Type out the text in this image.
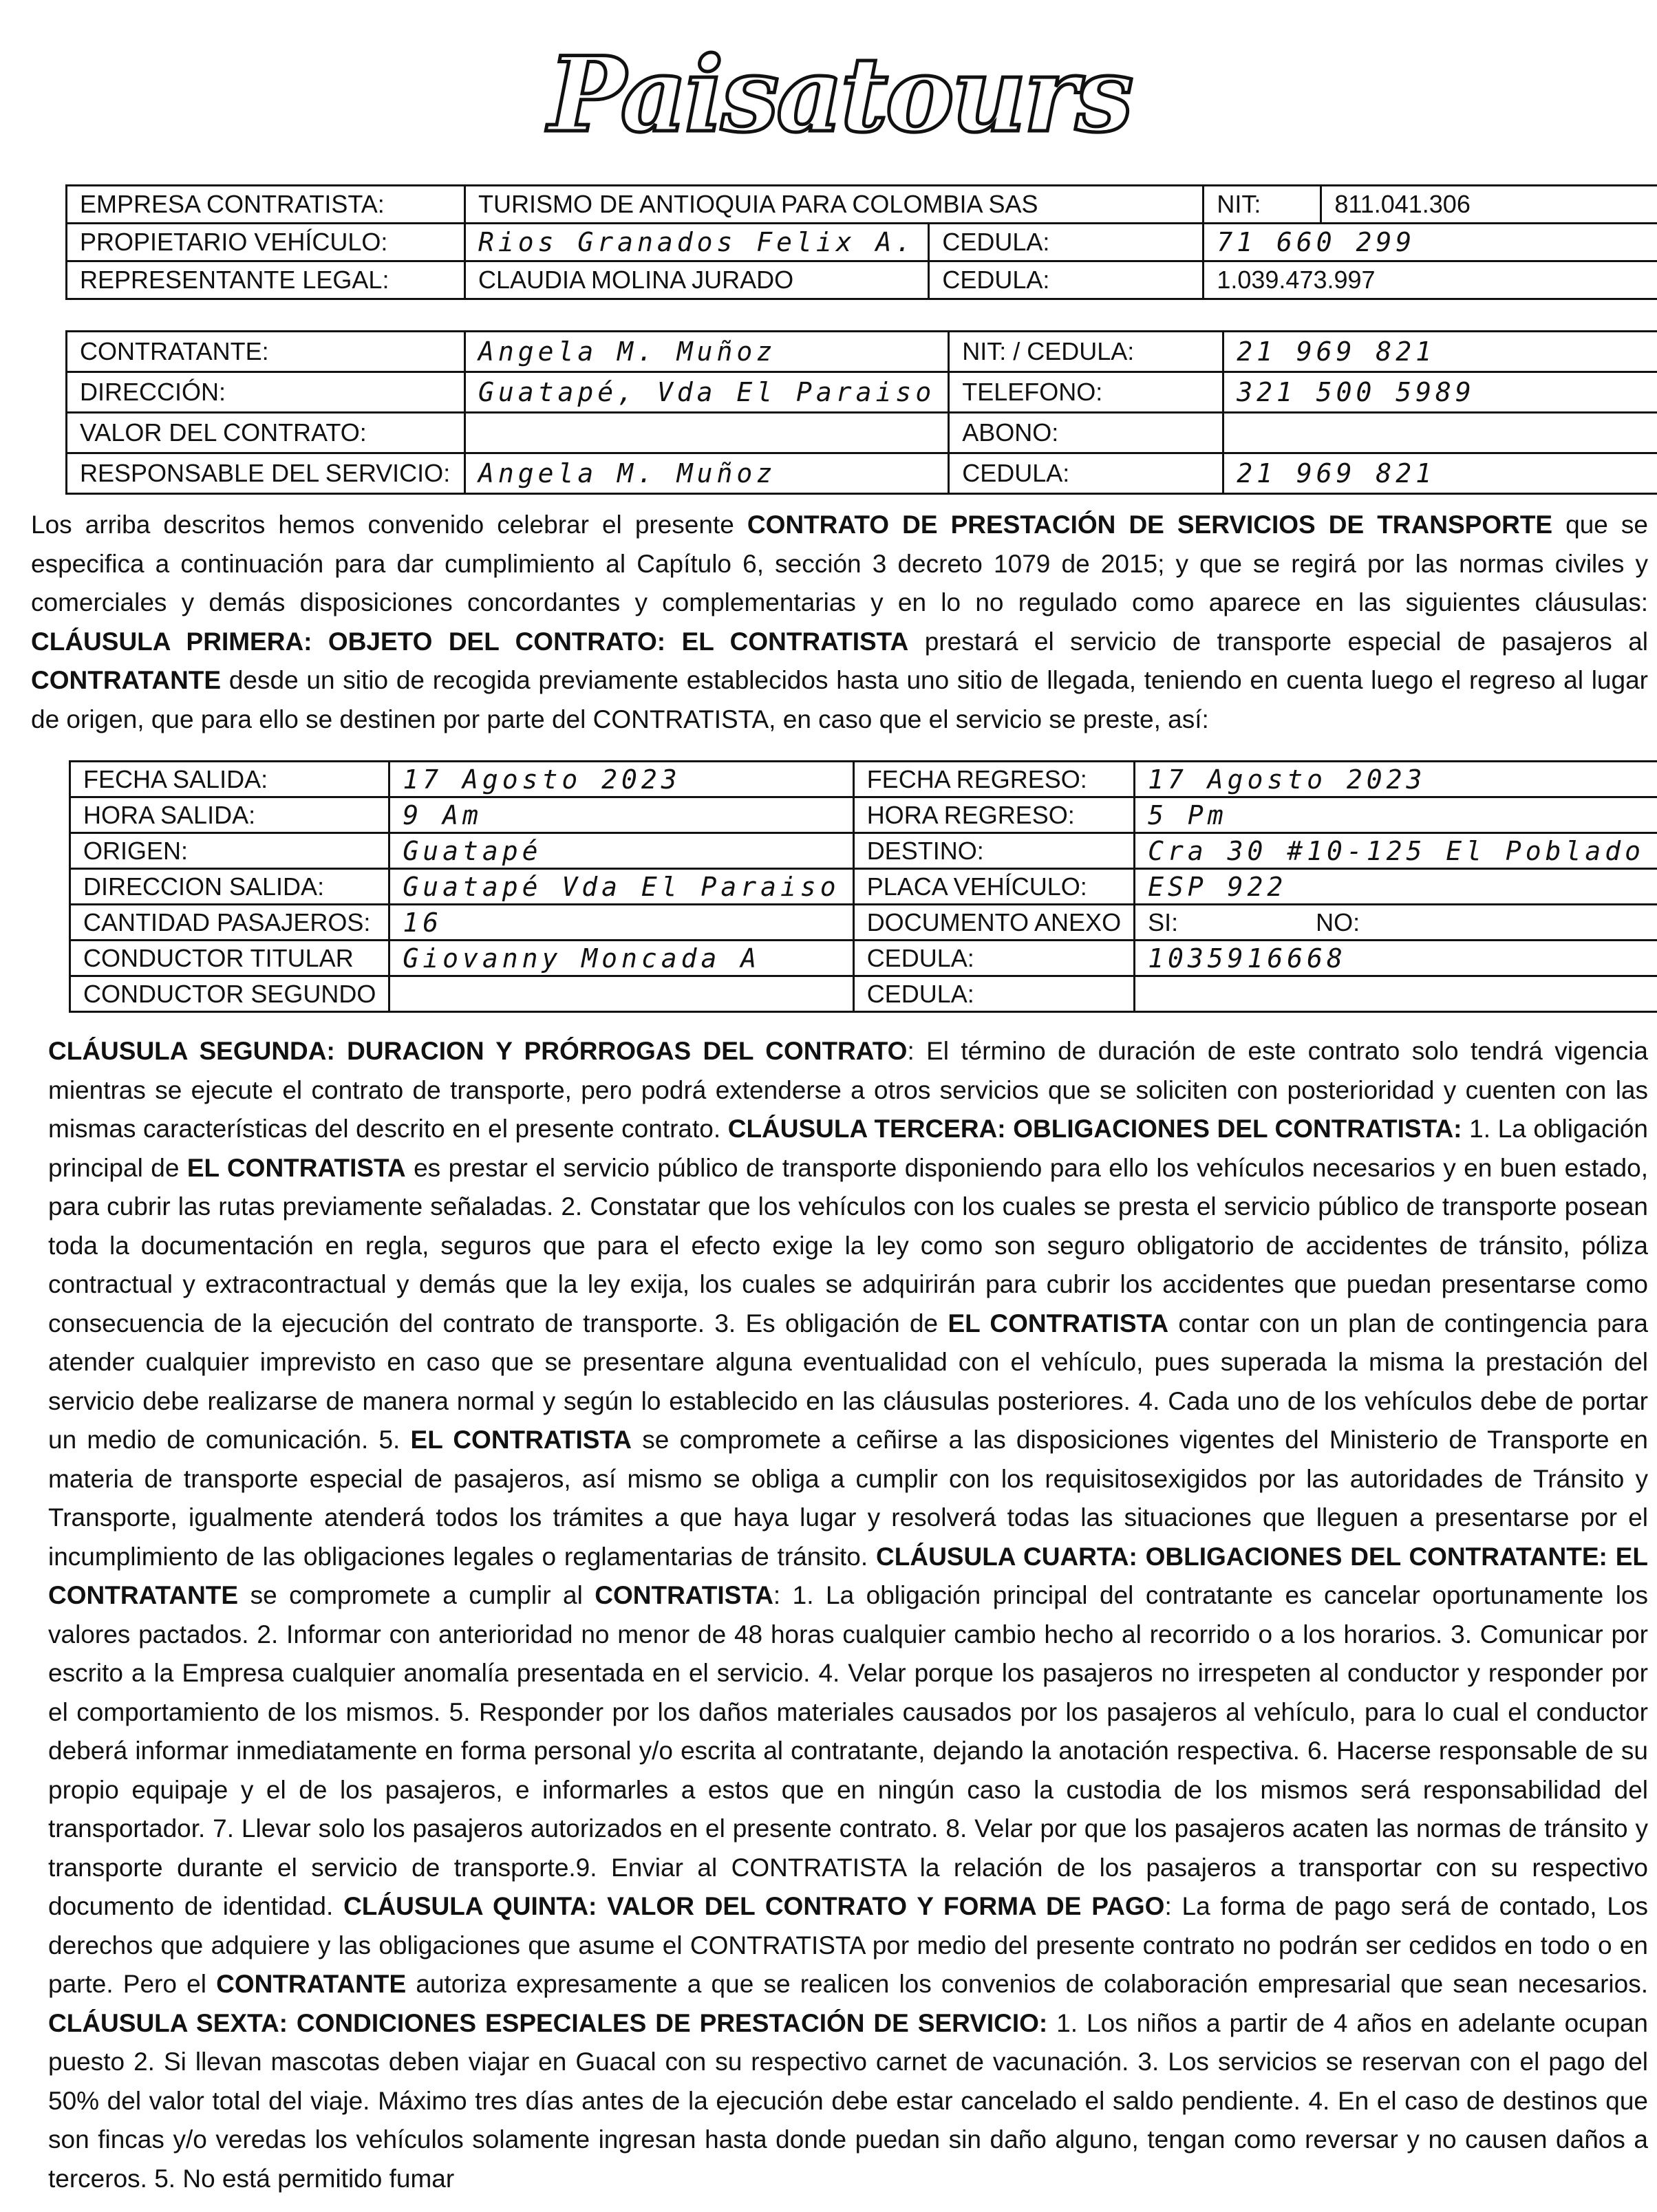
Paisatours
EMPRESA CONTRATISTA:	TURISMO DE ANTIOQUIA PARA COLOMBIA SAS		NIT: 811.041.306

PROPIETARIO VEHÍCULO:	Rios Granados Felix A.	CEDULA:	71 660 299
REPRESENTANTE LEGAL:	CLAUDIA MOLINA JURADO	CEDULA:	1.039.473.997
CONTRATANTE:	Angela M. Muñoz	NIT: / CEDULA:	21 969 821
DIRECCIÓN:	Guatapé, Vda El Paraiso	TELEFONO:	321 500 5989
VALOR DEL CONTRATO:		ABONO:	
RESPONSABLE DEL SERVICIO:	Angela M. Muñoz	CEDULA:	21 969 821
Los arriba descritos hemos convenido celebrar el presente CONTRATO DE PRESTACIÓN DE SERVICIOS DE TRANSPORTE que se especifica a continuación para dar cumplimiento al Capítulo 6, sección 3 decreto 1079 de 2015; y que se regirá por las normas civiles y comerciales y demás disposiciones concordantes y complementarias y en lo no regulado como aparece en las siguientes cláusulas: CLÁUSULA PRIMERA: OBJETO DEL CONTRATO: EL CONTRATISTA prestará el servicio de transporte especial de pasajeros al CONTRATANTE desde un sitio de recogida previamente establecidos hasta uno sitio de llegada, teniendo en cuenta luego el regreso al lugar de origen, que para ello se destinen por parte del CONTRATISTA, en caso que el servicio se preste, así:
FECHA SALIDA:	17 Agosto 2023	FECHA REGRESO:	17 Agosto 2023
HORA SALIDA:	9 Am	HORA REGRESO:	5 Pm
ORIGEN:	Guatapé	DESTINO:	Cra 30 #10-125 El Poblado
DIRECCION SALIDA:	Guatapé Vda El Paraiso	PLACA VEHÍCULO:	ESP 922
CANTIDAD PASAJEROS:	16	DOCUMENTO ANEXO	SI:                    NO:
CONDUCTOR TITULAR	Giovanny Moncada A	CEDULA:	1035916668
CONDUCTOR SEGUNDO		CEDULA:	
CLÁUSULA SEGUNDA: DURACION Y PRÓRROGAS DEL CONTRATO: El término de duración de este contrato solo tendrá vigencia mientras se ejecute el contrato de transporte, pero podrá extenderse a otros servicios que se soliciten con posterioridad y cuenten con las mismas características del descrito en el presente contrato. CLÁUSULA TERCERA: OBLIGACIONES DEL CONTRATISTA: 1. La obligación principal de EL CONTRATISTA es prestar el servicio público de transporte disponiendo para ello los vehículos necesarios y en buen estado, para cubrir las rutas previamente señaladas. 2. Constatar que los vehículos con los cuales se presta el servicio público de transporte posean toda la documentación en regla, seguros que para el efecto exige la ley como son seguro obligatorio de accidentes de tránsito, póliza contractual y extracontractual y demás que la ley exija, los cuales se adquirirán para cubrir los accidentes que puedan presentarse como consecuencia de la ejecución del contrato de transporte. 3. Es obligación de EL CONTRATISTA contar con un plan de contingencia para atender cualquier imprevisto en caso que se presentare alguna eventualidad con el vehículo, pues superada la misma la prestación del servicio debe realizarse de manera normal y según lo establecido en las cláusulas posteriores. 4. Cada uno de los vehículos debe de portar un medio de comunicación. 5. EL CONTRATISTA se compromete a ceñirse a las disposiciones vigentes del Ministerio de Transporte en materia de transporte especial de pasajeros, así mismo se obliga a cumplir con los requisitosexigidos por las autoridades de Tránsito y Transporte, igualmente atenderá todos los trámites a que haya lugar y resolverá todas las situaciones que lleguen a presentarse por el incumplimiento de las obligaciones legales o reglamentarias de tránsito. CLÁUSULA CUARTA: OBLIGACIONES DEL CONTRATANTE: EL CONTRATANTE se compromete a cumplir al CONTRATISTA: 1. La obligación principal del contratante es cancelar oportunamente los valores pactados. 2. Informar con anterioridad no menor de 48 horas cualquier cambio hecho al recorrido o a los horarios. 3. Comunicar por escrito a la Empresa cualquier anomalía presentada en el servicio. 4. Velar porque los pasajeros no irrespeten al conductor y responder por el comportamiento de los mismos. 5. Responder por los daños materiales causados por los pasajeros al vehículo, para lo cual el conductor deberá informar inmediatamente en forma personal y/o escrita al contratante, dejando la anotación respectiva. 6. Hacerse responsable de su propio equipaje y el de los pasajeros, e informarles a estos que en ningún caso la custodia de los mismos será responsabilidad del transportador. 7. Llevar solo los pasajeros autorizados en el presente contrato. 8. Velar por que los pasajeros acaten las normas de tránsito y transporte durante el servicio de transporte.9. Enviar al CONTRATISTA la relación de los pasajeros a transportar con su respectivo documento de identidad. CLÁUSULA QUINTA: VALOR DEL CONTRATO Y FORMA DE PAGO: La forma de pago será de contado, Los derechos que adquiere y las obligaciones que asume el CONTRATISTA por medio del presente contrato no podrán ser cedidos en todo o en parte. Pero el CONTRATANTE autoriza expresamente a que se realicen los convenios de colaboración empresarial que sean necesarios. CLÁUSULA SEXTA: CONDICIONES ESPECIALES DE PRESTACIÓN DE SERVICIO: 1. Los niños a partir de 4 años en adelante ocupan puesto 2. Si llevan mascotas deben viajar en Guacal con su respectivo carnet de vacunación. 3. Los servicios se reservan con el pago del 50% del valor total del viaje. Máximo tres días antes de la ejecución debe estar cancelado el saldo pendiente. 4. En el caso de destinos que son fincas y/o veredas los vehículos solamente ingresan hasta donde puedan sin daño alguno, tengan como reversar y no causen daños a terceros. 5. No está permitido fumar
